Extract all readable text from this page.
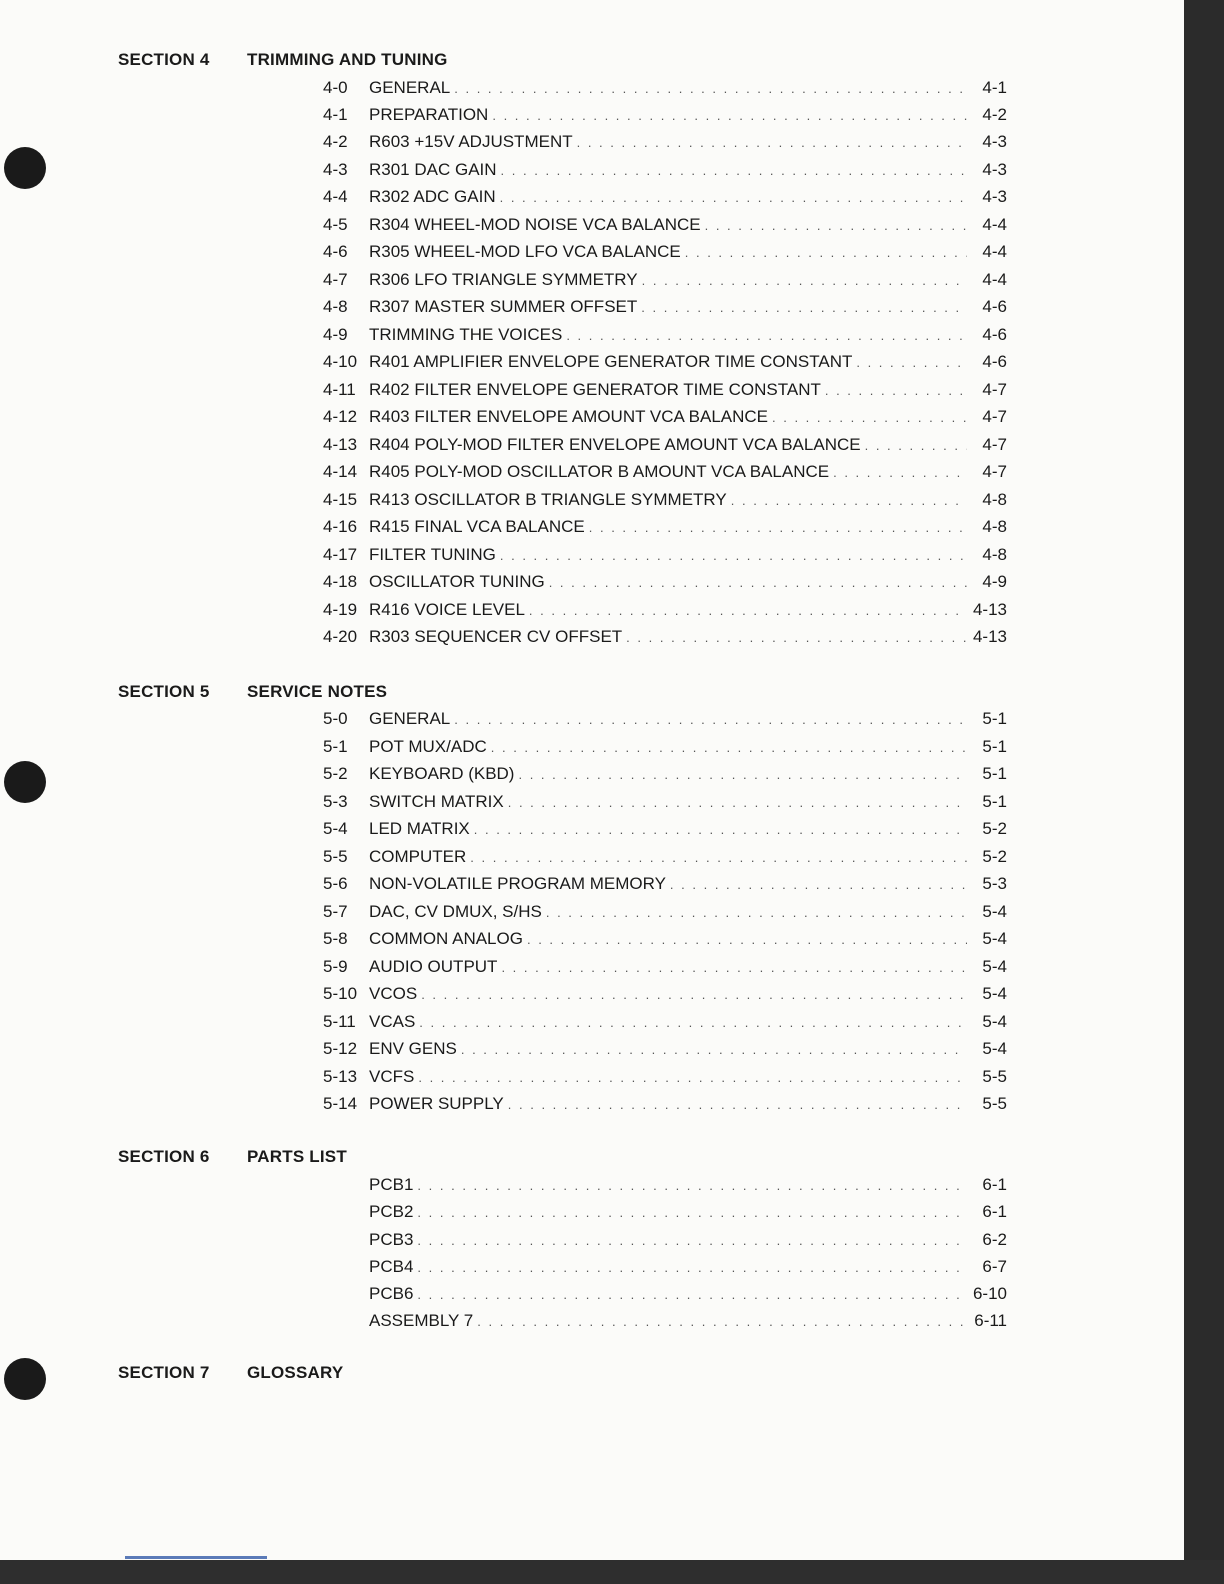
SECTION 4 TRIMMING AND TUNING
4-0	GENERAL . . .	4-1
4-1	PREPARATION . . .	4-2
4-2	R603 +15V ADJUSTMENT . . .	4-3
4-3	R301 DAC GAIN . . .	4-3
4-4	R302 ADC GAIN . . .	4-3
4-5	R304 WHEEL-MOD NOISE VCA BALANCE . . .	4-4
4-6	R305 WHEEL-MOD LFO VCA BALANCE . . .	4-4
4-7	R306 LFO TRIANGLE SYMMETRY . . .	4-4
4-8	R307 MASTER SUMMER OFFSET . . .	4-6
4-9	TRIMMING THE VOICES . . .	4-6
4-10 R401 AMPLIFIER ENVELOPE GENERATOR TIME CONSTANT . . .	4-6
4-11 R402 FILTER ENVELOPE GENERATOR TIME CONSTANT . . .	4-7
4-12 R403 FILTER ENVELOPE AMOUNT VCA BALANCE . . .	4-7
4-13 R404 POLY-MOD FILTER ENVELOPE AMOUNT VCA BALANCE . . .	4-7
4-14 R405 POLY-MOD OSCILLATOR B AMOUNT VCA BALANCE . . .	4-7
4-15 R413 OSCILLATOR B TRIANGLE SYMMETRY . . .	4-8
4-16 R415 FINAL VCA BALANCE . . .	4-8
4-17 FILTER TUNING . . .	4-8
4-18 OSCILLATOR TUNING . . .	4-9
4-19 R416 VOICE LEVEL . . .	4-13
4-20 R303 SEQUENCER CV OFFSET . . .	4-13
SECTION 5 SERVICE NOTES
5-0	GENERAL . . .	5-1
5-1	POT MUX/ADC . . .	5-1
5-2	KEYBOARD (KBD) . . .	5-1
5-3	SWITCH MATRIX . . .	5-1
5-4	LED MATRIX . . .	5-2
5-5	COMPUTER . . .	5-2
5-6	NON-VOLATILE PROGRAM MEMORY . . .	5-3
5-7	DAC, CV DMUX, S/HS . . .	5-4
5-8	COMMON ANALOG . . .	5-4
5-9	AUDIO OUTPUT . . .	5-4
5-10 VCOS . . .	5-4
5-11 VCAS . . .	5-4
5-12 ENV GENS . . .	5-4
5-13 VCFS . . .	5-5
5-14 POWER SUPPLY . . .	5-5
SECTION 6 PARTS LIST
PCB1 . . .	6-1
PCB2 . . .	6-1
PCB3 . . .	6-2
PCB4 . . .	6-7
PCB6 . . .	6-10
ASSEMBLY 7 . . .	6-11
SECTION 7 GLOSSARY
